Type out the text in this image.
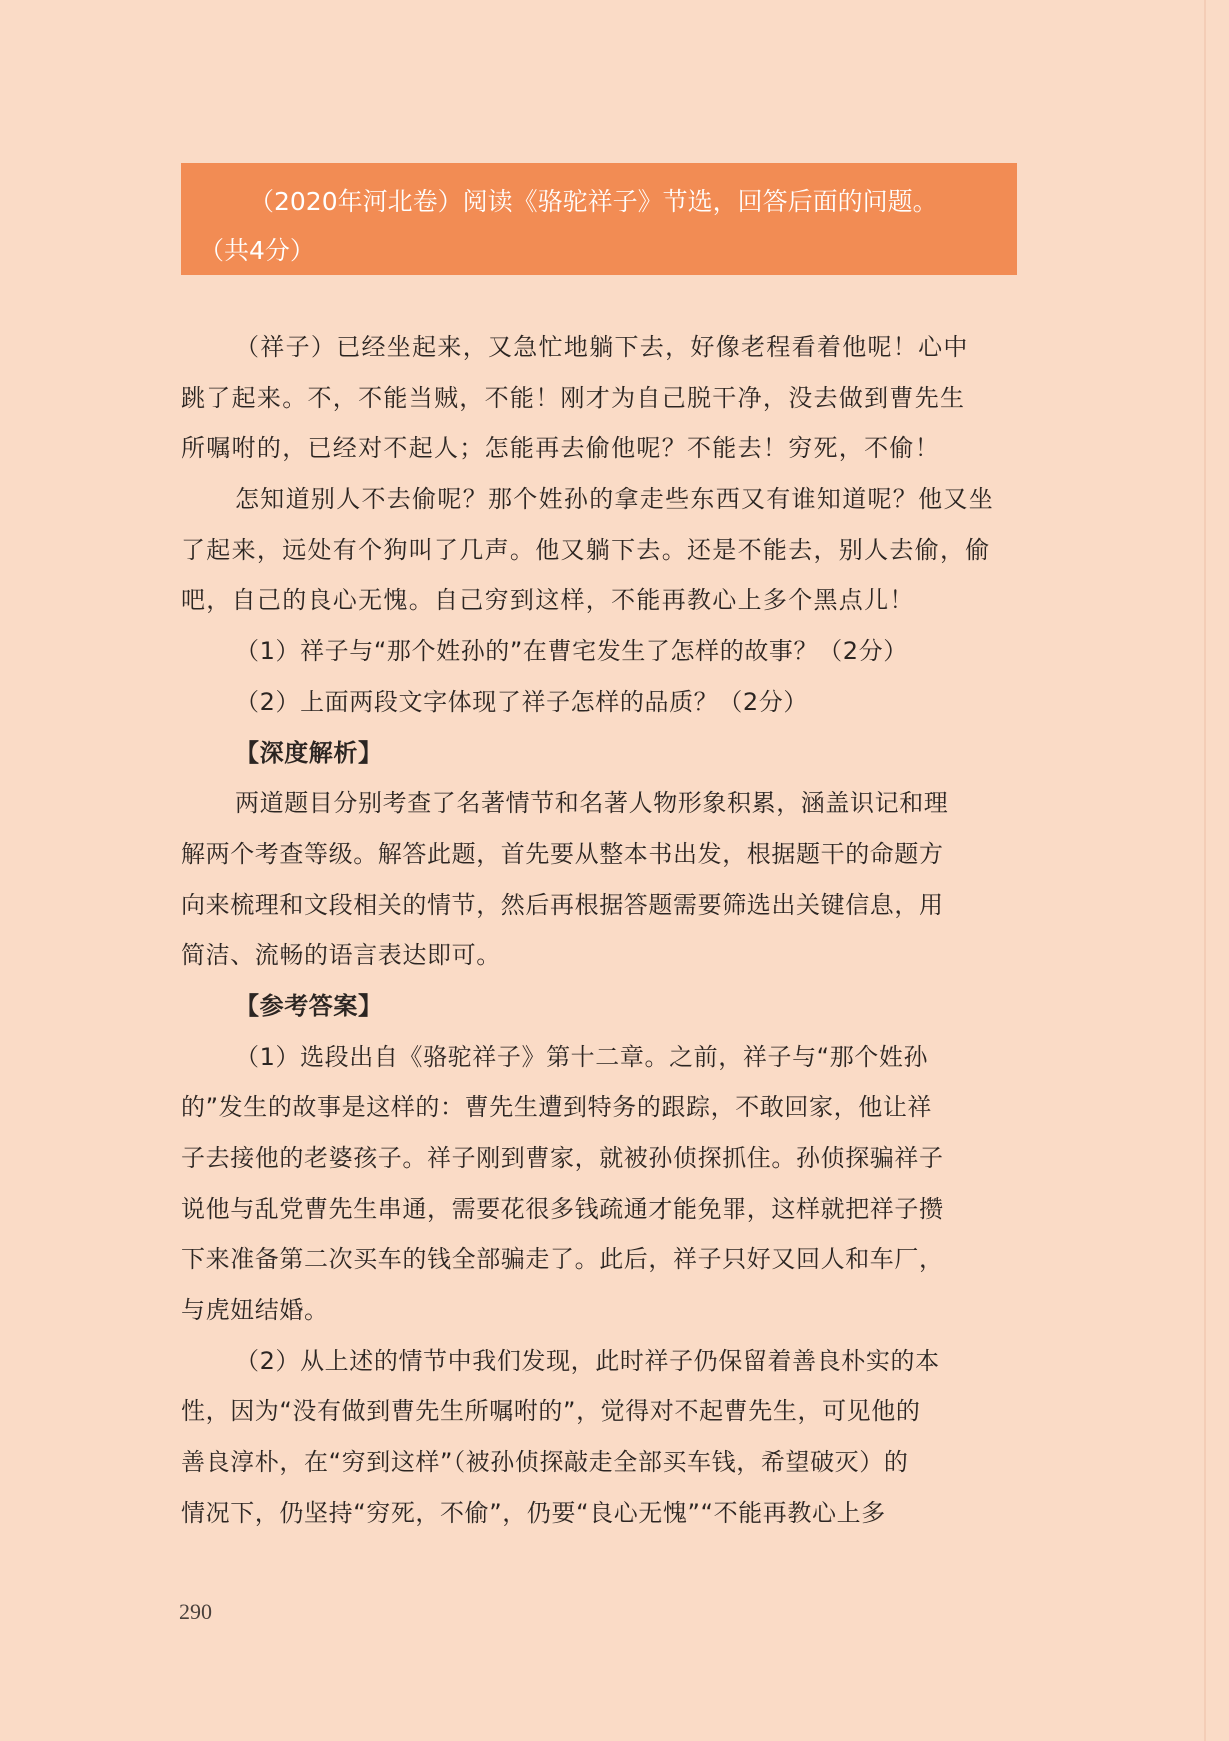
（2020年河北卷）阅读《骆驼祥子》节选，回答后面的问题。
（共4分）
（祥子）已经坐起来，又急忙地躺下去，好像老程看着他呢！心中
跳了起来。不，不能当贼，不能！刚才为自己脱干净，没去做到曹先生
所嘱咐的，已经对不起人；怎能再去偷他呢？不能去！穷死，不偷！
怎知道别人不去偷呢？那个姓孙的拿走些东西又有谁知道呢？他又坐
了起来，远处有个狗叫了几声。他又躺下去。还是不能去，别人去偷，偷
吧，自己的良心无愧。自己穷到这样，不能再教心上多个黑点儿！
（1）祥子与“那个姓孙的”在曹宅发生了怎样的故事？（2分）
（2）上面两段文字体现了祥子怎样的品质？（2分）
【深度解析】
两道题目分别考查了名著情节和名著人物形象积累，涵盖识记和理
解两个考查等级。解答此题，首先要从整本书出发，根据题干的命题方
向来梳理和文段相关的情节，然后再根据答题需要筛选出关键信息，用
简洁、流畅的语言表达即可。
【参考答案】
（1）选段出自《骆驼祥子》第十二章。之前，祥子与“那个姓孙
的”发生的故事是这样的：曹先生遭到特务的跟踪，不敢回家，他让祥
子去接他的老婆孩子。祥子刚到曹家，就被孙侦探抓住。孙侦探骗祥子
说他与乱党曹先生串通，需要花很多钱疏通才能免罪，这样就把祥子攒
下来准备第二次买车的钱全部骗走了。此后，祥子只好又回人和车厂，
与虎妞结婚。
（2）从上述的情节中我们发现，此时祥子仍保留着善良朴实的本
性，因为“没有做到曹先生所嘱咐的”，觉得对不起曹先生，可见他的
善良淳朴，在“穷到这样”（被孙侦探敲走全部买车钱，希望破灭）的
情况下，仍坚持“穷死，不偷”，仍要“良心无愧”“不能再教心上多
290
